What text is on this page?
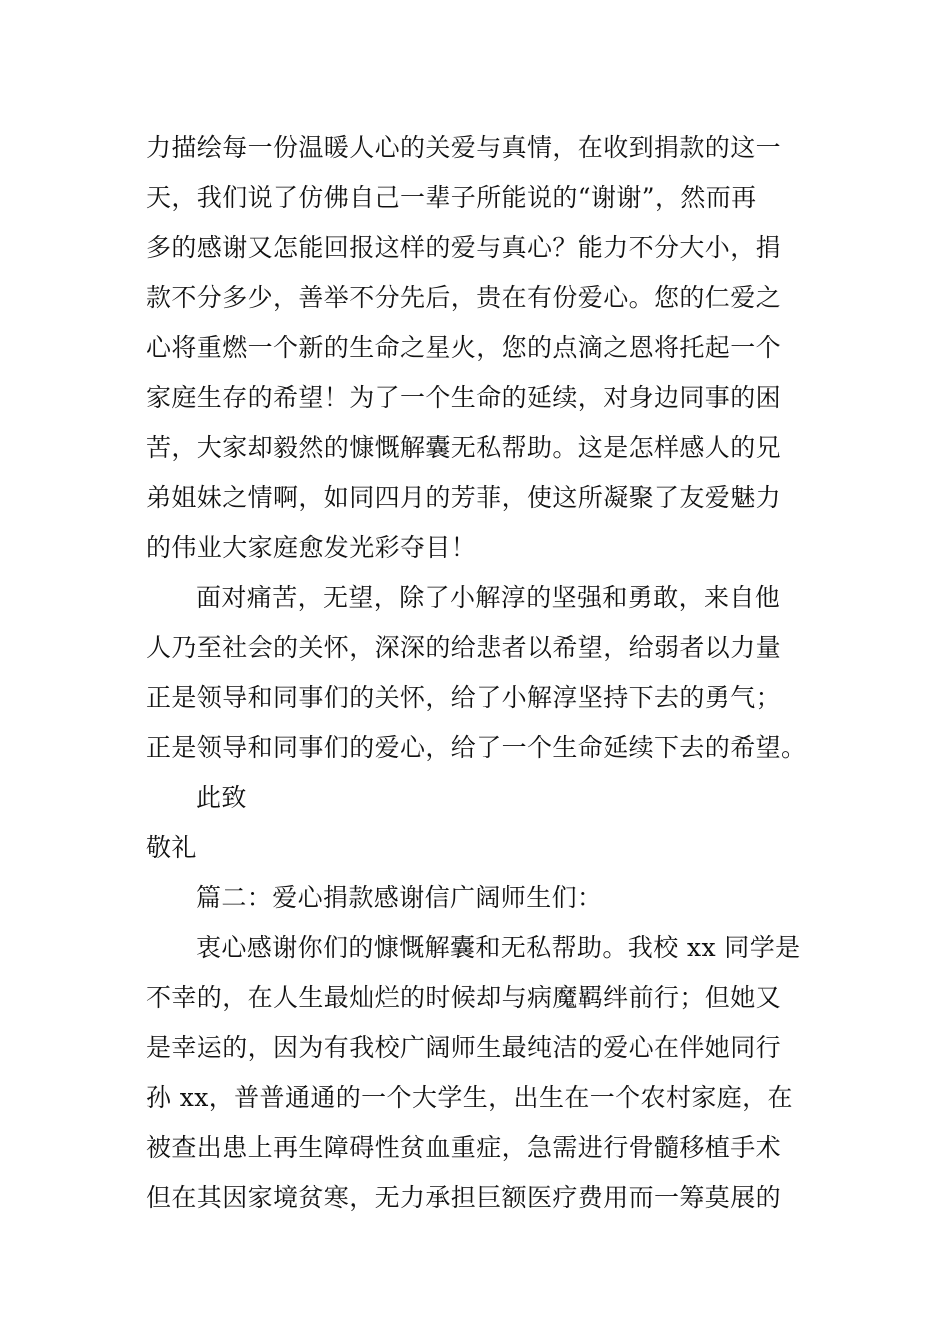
力描绘每一份温暖人心的关爱与真情，在收到捐款的这一
天，我们说了仿佛自己一辈子所能说的“谢谢”，然而再
多的感谢又怎能回报这样的爱与真心？能力不分大小，捐
款不分多少，善举不分先后，贵在有份爱心。您的仁爱之
心将重燃一个新的生命之星火，您的点滴之恩将托起一个
家庭生存的希望！为了一个生命的延续，对身边同事的困
苦，大家却毅然的慷慨解囊无私帮助。这是怎样感人的兄
弟姐妹之情啊，如同四月的芳菲，使这所凝聚了友爱魅力
的伟业大家庭愈发光彩夺目！
面对痛苦，无望，除了小解淳的坚强和勇敢，来自他
人乃至社会的关怀，深深的给悲者以希望，给弱者以力量
正是领导和同事们的关怀，给了小解淳坚持下去的勇气；
正是领导和同事们的爱心，给了一个生命延续下去的希望。
此致
敬礼
篇二：爱心捐款感谢信广阔师生们：
衷心感谢你们的慷慨解囊和无私帮助。我校 xx 同学是
不幸的，在人生最灿烂的时候却与病魔羁绊前行；但她又
是幸运的，因为有我校广阔师生最纯洁的爱心在伴她同行
孙 xx，普普通通的一个大学生，出生在一个农村家庭，在
被查出患上再生障碍性贫血重症，急需进行骨髓移植手术
但在其因家境贫寒，无力承担巨额医疗费用而一筹莫展的
